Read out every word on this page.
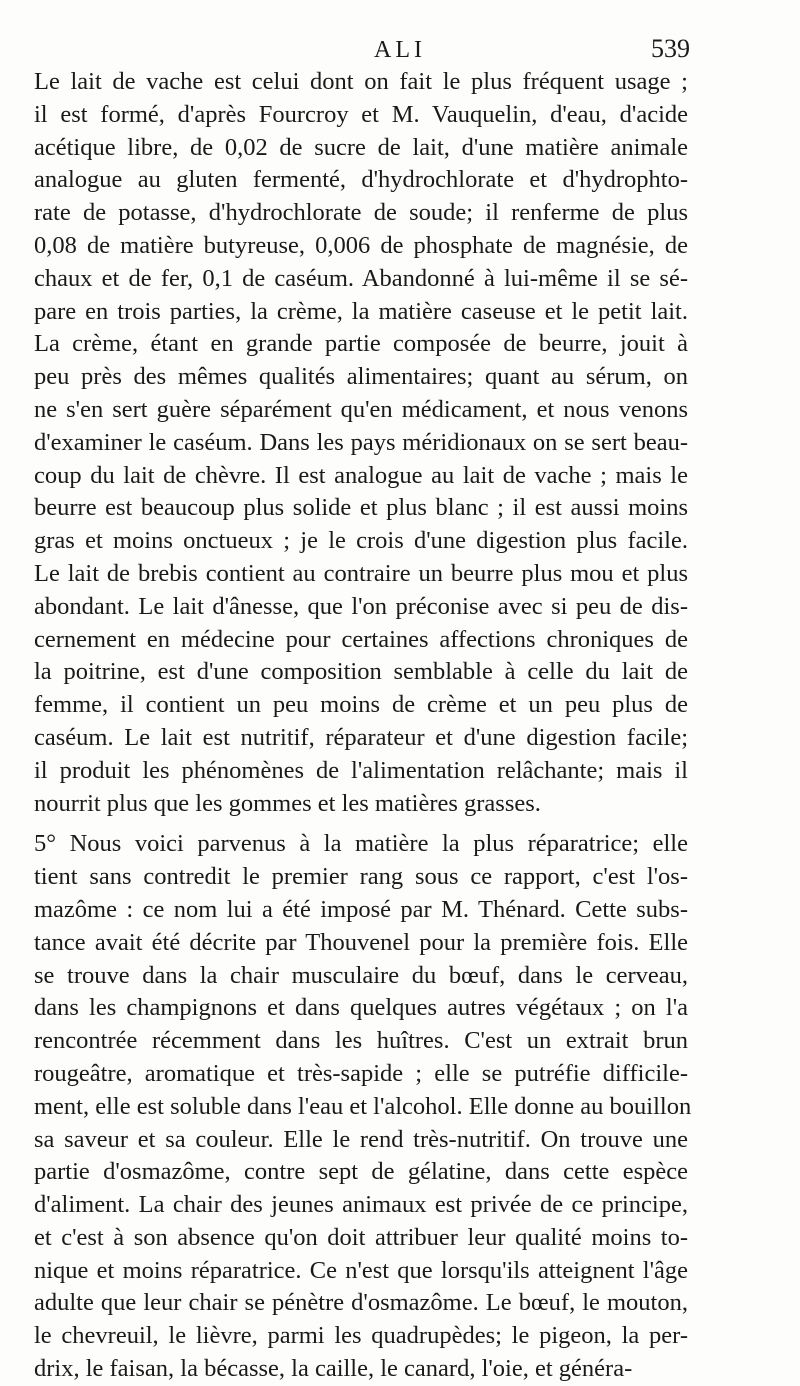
ALI	539

Le lait de vache est celui dont on fait le plus fréquent usage ;
il est formé, d'après Fourcroy et M. Vauquelin, d'eau, d'acide
acétique libre, de 0,02 de sucre de lait, d'une matière animale
analogue au gluten fermenté, d'hydrochlorate et d'hydrophto-
rate de potasse, d'hydrochlorate de soude; il renferme de plus
0,08 de matière butyreuse, 0,006 de phosphate de magnésie, de
chaux et de fer, 0,1 de caséum. Abandonné à lui-même il se sé-
pare en trois parties, la crème, la matière caseuse et le petit lait.
La crème, étant en grande partie composée de beurre, jouit à
peu près des mêmes qualités alimentaires; quant au sérum, on
ne s'en sert guère séparément qu'en médicament, et nous venons
d'examiner le caséum. Dans les pays méridionaux on se sert beau-
coup du lait de chèvre. Il est analogue au lait de vache ; mais le
beurre est beaucoup plus solide et plus blanc ; il est aussi moins
gras et moins onctueux ; je le crois d'une digestion plus facile.
Le lait de brebis contient au contraire un beurre plus mou et plus
abondant. Le lait d'ânesse, que l'on préconise avec si peu de dis-
cernement en médecine pour certaines affections chroniques de
la poitrine, est d'une composition semblable à celle du lait de
femme, il contient un peu moins de crème et un peu plus de
caséum. Le lait est nutritif, réparateur et d'une digestion facile;
il produit les phénomènes de l'alimentation relâchante; mais il
nourrit plus que les gommes et les matières grasses.

5° Nous voici parvenus à la matière la plus réparatrice; elle
tient sans contredit le premier rang sous ce rapport, c'est l'os-
mazôme : ce nom lui a été imposé par M. Thénard. Cette subs-
tance avait été décrite par Thouvenel pour la première fois. Elle
se trouve dans la chair musculaire du bœuf, dans le cerveau,
dans les champignons et dans quelques autres végétaux ; on l'a
rencontrée récemment dans les huîtres. C'est un extrait brun
rougeâtre, aromatique et très-sapide ; elle se putréfie difficile-
ment, elle est soluble dans l'eau et l'alcohol. Elle donne au bouillon
sa saveur et sa couleur. Elle le rend très-nutritif. On trouve une
partie d'osmazôme, contre sept de gélatine, dans cette espèce
d'aliment. La chair des jeunes animaux est privée de ce principe,
et c'est à son absence qu'on doit attribuer leur qualité moins to-
nique et moins réparatrice. Ce n'est que lorsqu'ils atteignent l'âge
adulte que leur chair se pénètre d'osmazôme. Le bœuf, le mouton,
le chevreuil, le lièvre, parmi les quadrupèdes; le pigeon, la per-
drix, le faisan, la bécasse, la caille, le canard, l'oie, et généra-
